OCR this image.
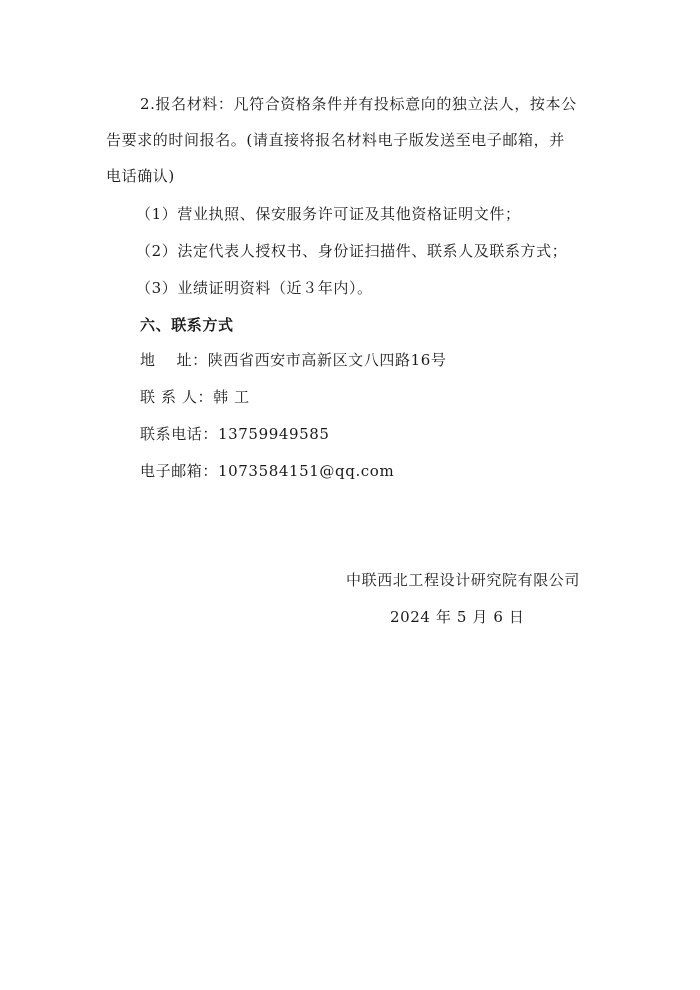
2.报名材料：凡符合资格条件并有投标意向的独立法人，按本公
告要求的时间报名。(请直接将报名材料电子版发送至电子邮箱，并
电话确认)
（1）营业执照、保安服务许可证及其他资格证明文件；
（2）法定代表人授权书、身份证扫描件、联系人及联系方式；
（3）业绩证明资料（近３年内）。
六、联系方式
地　 址：陕西省西安市高新区文八四路16号
联 系 人：韩 工
联系电话：13759949585
电子邮箱：1073584151@qq.com
中联西北工程设计研究院有限公司
2024 年 5 月 6 日
